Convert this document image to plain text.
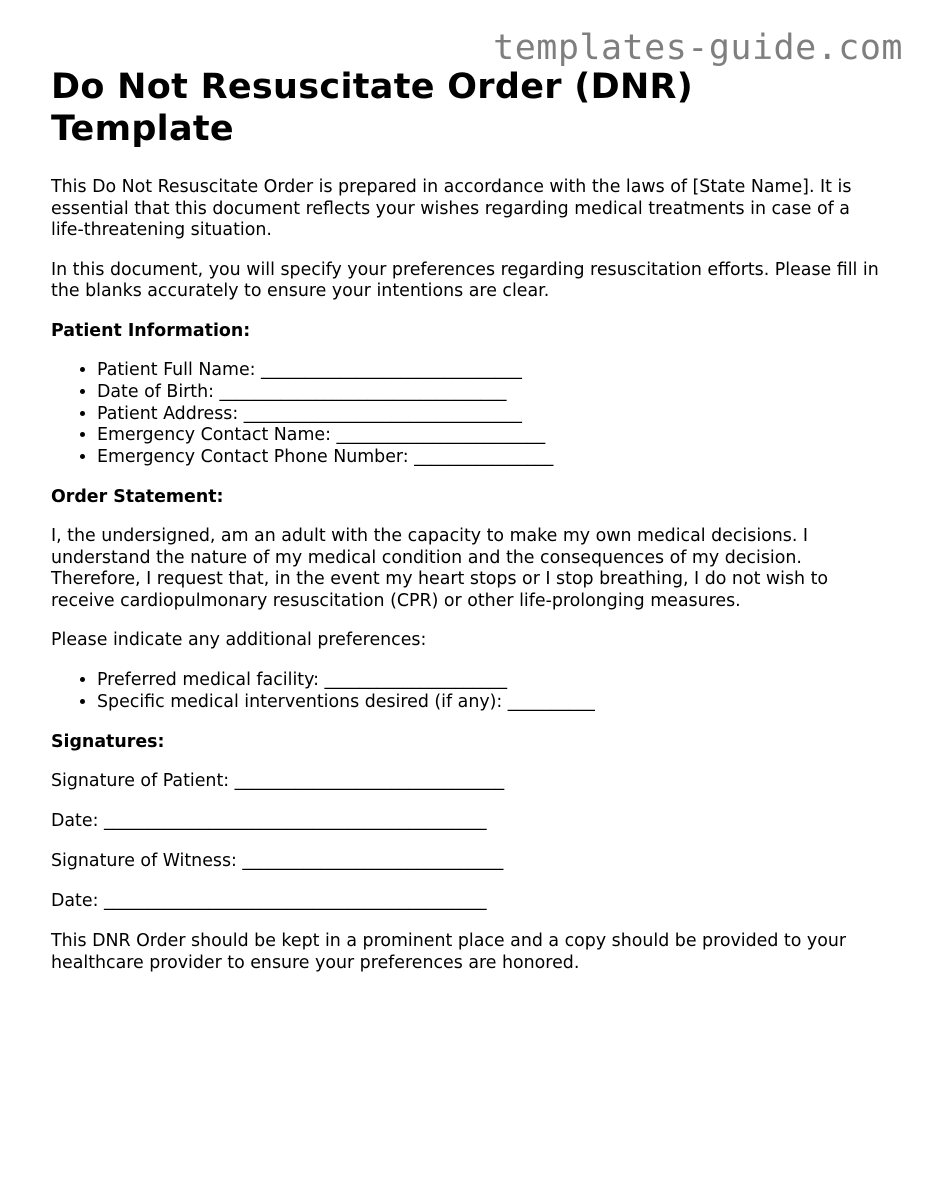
templates-guide.com
Do Not Resuscitate Order (DNR) Template

This Do Not Resuscitate Order is prepared in accordance with the laws of [State Name]. It is essential that this document reflects your wishes regarding medical treatments in case of a life-threatening situation.

In this document, you will specify your preferences regarding resuscitation efforts. Please fill in the blanks accurately to ensure your intentions are clear.

Patient Information:
• Patient Full Name: ______________________________
• Date of Birth: _________________________________
• Patient Address: ________________________________
• Emergency Contact Name: ________________________
• Emergency Contact Phone Number: ________________
Order Statement:

I, the undersigned, am an adult with the capacity to make my own medical decisions. I understand the nature of my medical condition and the consequences of my decision. Therefore, I request that, in the event my heart stops or I stop breathing, I do not wish to receive cardiopulmonary resuscitation (CPR) or other life-prolonging measures.

Please indicate any additional preferences:

• Preferred medical facility: _____________________
• Specific medical interventions desired (if any): __________
Signatures:
Signature of Patient: _______________________________
Date: ____________________________________________
Signature of Witness: ______________________________
Date: ____________________________________________

This DNR Order should be kept in a prominent place and a copy should be provided to your healthcare provider to ensure your preferences are honored.
